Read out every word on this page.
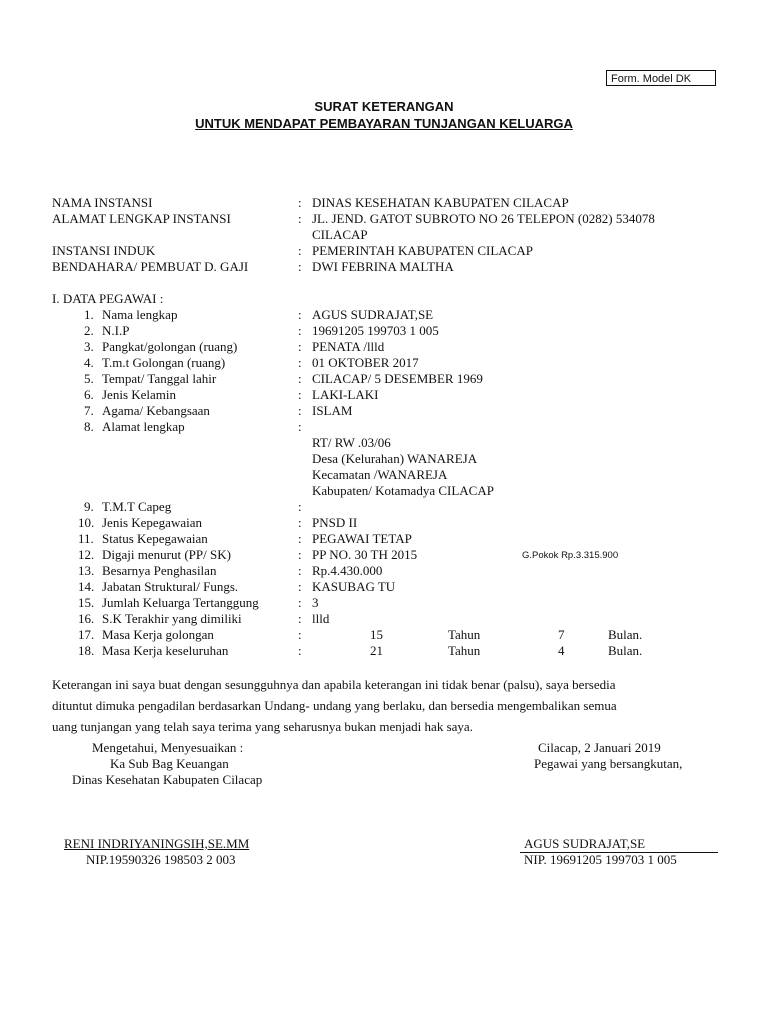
Form. Model DK
SURAT KETERANGAN
UNTUK MENDAPAT PEMBAYARAN TUNJANGAN KELUARGA
NAMA INSTANSI	: DINAS KESEHATAN KABUPATEN CILACAP
ALAMAT LENGKAP INSTANSI	: JL. JEND. GATOT SUBROTO NO 26 TELEPON (0282) 534078
CILACAP
INSTANSI INDUK	: PEMERINTAH KABUPATEN CILACAP
BENDAHARA/ PEMBUAT D. GAJI	: DWI FEBRINA MALTHA
I. DATA PEGAWAI :
1. Nama lengkap	: AGUS SUDRAJAT,SE
2. N.I.P	: 19691205 199703 1 005
3. Pangkat/golongan (ruang)	: PENATA /llld
4. T.m.t Golongan (ruang)	: 01 OKTOBER 2017
5. Tempat/ Tanggal lahir	: CILACAP/ 5 DESEMBER 1969
6. Jenis Kelamin	: LAKI-LAKI
7. Agama/ Kebangsaan	: ISLAM
8. Alamat lengkap	:
RT/ RW .03/06
Desa (Kelurahan) WANAREJA
Kecamatan /WANAREJA
Kabupaten/ Kotamadya CILACAP
9. T.M.T Capeg	:
10. Jenis Kepegawaian	: PNSD II
11. Status Kepegawaian	: PEGAWAI TETAP
12. Digaji menurut (PP/ SK)	: PP NO. 30 TH 2015	G.Pokok Rp.3.315.900
13. Besarnya Penghasilan	: Rp.4.430.000
14. Jabatan Struktural/ Fungs.	: KASUBAG TU
15. Jumlah Keluarga Tertanggung	: 3
16. S.K Terakhir yang dimiliki	: llld
17. Masa Kerja golongan	:	15	Tahun	7	Bulan.
18. Masa Kerja keseluruhan	:	21	Tahun	4	Bulan.

Keterangan ini saya buat dengan sesungguhnya dan apabila keterangan ini tidak benar (palsu), saya bersedia

dituntut dimuka pengadilan berdasarkan Undang- undang yang berlaku, dan bersedia mengembalikan semua

uang tunjangan yang telah saya terima yang seharusnya bukan menjadi hak saya.

Mengetahui, Menyesuaikan :
Ka Sub Bag Keuangan
Dinas Kesehatan Kabupaten Cilacap
RENI INDRIYANINGSIH,SE.MM
NIP.19590326 198503 2 003
Cilacap, 2 Januari 2019
Pegawai yang bersangkutan,
AGUS SUDRAJAT,SE
NIP. 19691205 199703 1 005
